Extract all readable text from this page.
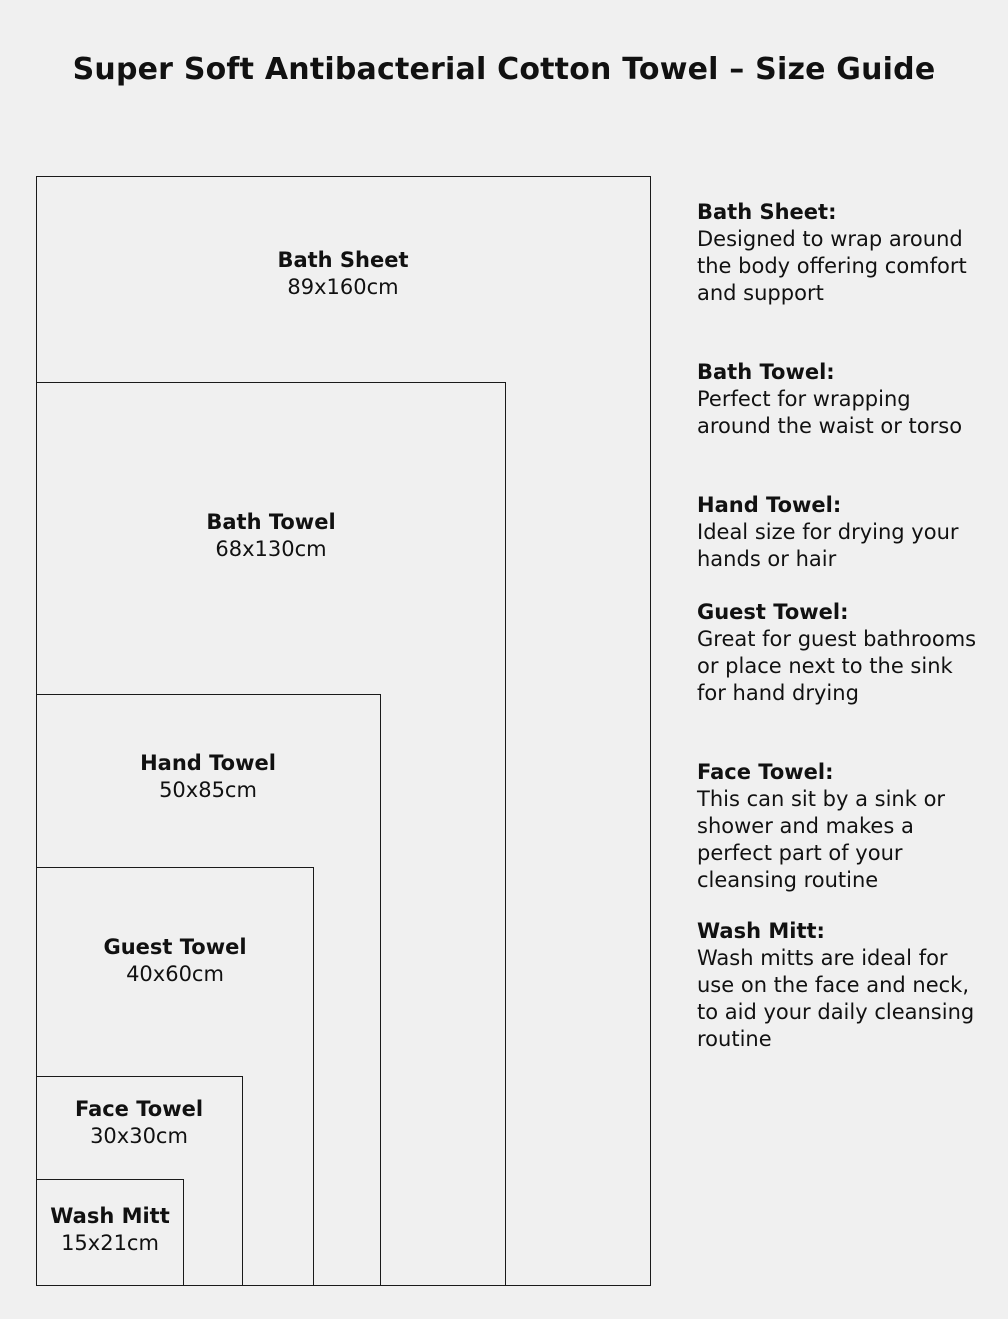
Super Soft Antibacterial Cotton Towel – Size Guide
Bath Sheet
89x160cm
Bath Towel
68x130cm
Hand Towel
50x85cm
Guest Towel
40x60cm
Face Towel
30x30cm
Wash Mitt
15x21cm
Bath Sheet:
Designed to wrap around the body offering comfort and support
Bath Towel:
Perfect for wrapping around the waist or torso
Hand Towel:
Ideal size for drying your hands or hair
Guest Towel:
Great for guest bathrooms or place next to the sink for hand drying
Face Towel:
This can sit by a sink or shower and makes a perfect part of your cleansing routine
Wash Mitt:
Wash mitts are ideal for use on the face and neck, to aid your daily cleansing routine
